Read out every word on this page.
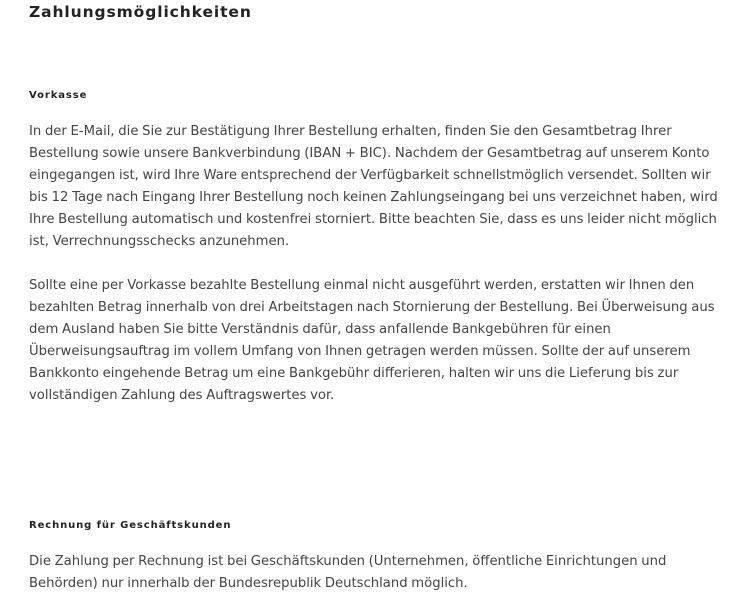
Zahlungsmöglichkeiten
Vorkasse

In der E-Mail, die Sie zur Bestätigung Ihrer Bestellung erhalten, finden Sie den Gesamtbetrag Ihrer Bestellung sowie unsere Bankverbindung (IBAN + BIC). Nachdem der Gesamtbetrag auf unserem Konto eingegangen ist, wird Ihre Ware entsprechend der Verfügbarkeit schnellstmöglich versendet. Sollten wir bis 12 Tage nach Eingang Ihrer Bestellung noch keinen Zahlungseingang bei uns verzeichnet haben, wird Ihre Bestellung automatisch und kostenfrei storniert. Bitte beachten Sie, dass es uns leider nicht möglich ist, Verrechnungsschecks anzunehmen.

Sollte eine per Vorkasse bezahlte Bestellung einmal nicht ausgeführt werden, erstatten wir Ihnen den bezahlten Betrag innerhalb von drei Arbeitstagen nach Stornierung der Bestellung. Bei Überweisung aus dem Ausland haben Sie bitte Verständnis dafür, dass anfallende Bankgebühren für einen Überweisungsauftrag im vollem Umfang von Ihnen getragen werden müssen. Sollte der auf unserem Bankkonto eingehende Betrag um eine Bankgebühr differieren, halten wir uns die Lieferung bis zur vollständigen Zahlung des Auftragswertes vor.

Rechnung für Geschäftskunden

Die Zahlung per Rechnung ist bei Geschäftskunden (Unternehmen, öffentliche Einrichtungen und Behörden) nur innerhalb der Bundesrepublik Deutschland möglich.
